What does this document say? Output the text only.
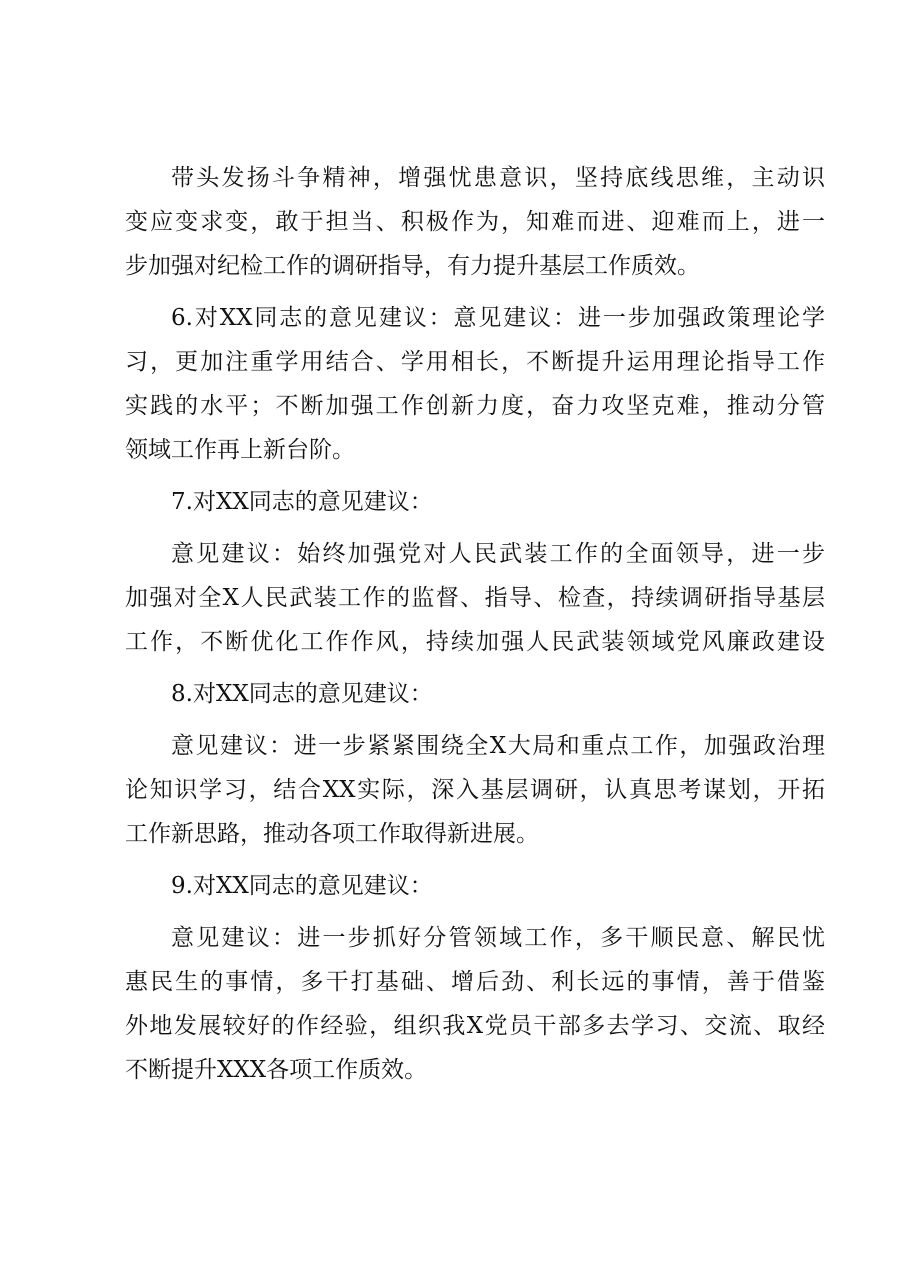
带头发扬斗争精神，增强忧患意识，坚持底线思维，主动识
变应变求变，敢于担当、积极作为，知难而进、迎难而上，进一
步加强对纪检工作的调研指导，有力提升基层工作质效。
6.对XX同志的意见建议：意见建议：进一步加强政策理论学
习，更加注重学用结合、学用相长，不断提升运用理论指导工作
实践的水平；不断加强工作创新力度，奋力攻坚克难，推动分管
领域工作再上新台阶。
7.对XX同志的意见建议：
意见建议：始终加强党对人民武装工作的全面领导，进一步
加强对全X人民武装工作的监督、指导、检查，持续调研指导基层
工作，不断优化工作作风，持续加强人民武装领域党风廉政建设
8.对XX同志的意见建议：
意见建议：进一步紧紧围绕全X大局和重点工作，加强政治理
论知识学习，结合XX实际，深入基层调研，认真思考谋划，开拓
工作新思路，推动各项工作取得新进展。
9.对XX同志的意见建议：
意见建议：进一步抓好分管领域工作，多干顺民意、解民忧
惠民生的事情，多干打基础、增后劲、利长远的事情，善于借鉴
外地发展较好的作经验，组织我X党员干部多去学习、交流、取经
不断提升XXX各项工作质效。
